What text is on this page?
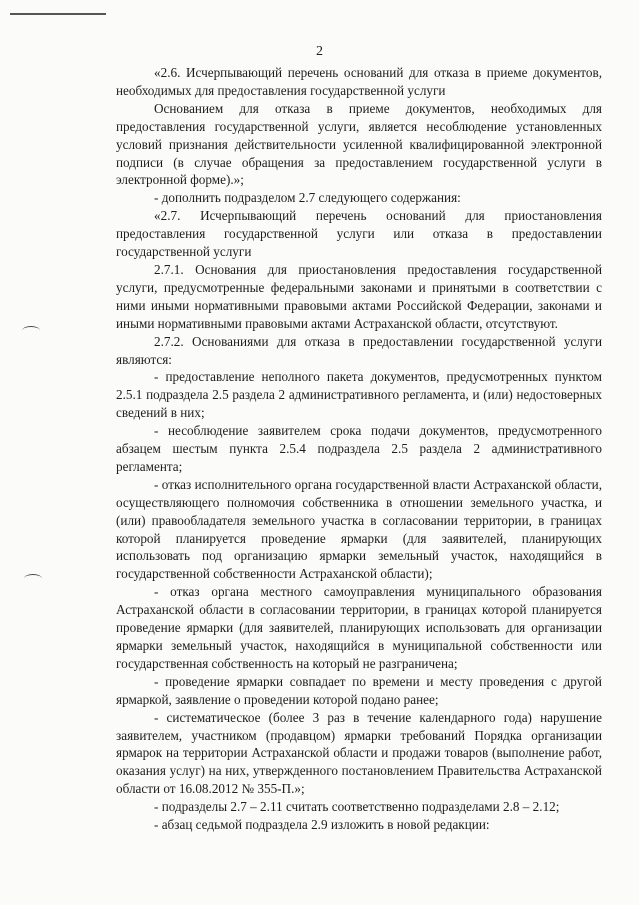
2

«2.6. Исчерпывающий перечень оснований для отказа в приеме документов, необходимых для предоставления государственной услуги

Основанием для отказа в приеме документов, необходимых для предоставления государственной услуги, является несоблюдение установленных условий признания действительности усиленной квалифицированной электронной подписи (в случае обращения за предоставлением государственной услуги в электронной форме).»;

- дополнить подразделом 2.7 следующего содержания:

«2.7. Исчерпывающий перечень оснований для приостановления предоставления государственной услуги или отказа в предоставлении государственной услуги

2.7.1. Основания для приостановления предоставления государственной услуги, предусмотренные федеральными законами и принятыми в соответствии с ними иными нормативными правовыми актами Российской Федерации, законами и иными нормативными правовыми актами Астраханской области, отсутствуют.

2.7.2. Основаниями для отказа в предоставлении государственной услуги являются:

- предоставление неполного пакета документов, предусмотренных пунктом 2.5.1 подраздела 2.5 раздела 2 административного регламента, и (или) недостоверных сведений в них;

- несоблюдение заявителем срока подачи документов, предусмотренного абзацем шестым пункта 2.5.4 подраздела 2.5 раздела 2 административного регламента;

- отказ исполнительного органа государственной власти Астраханской области, осуществляющего полномочия собственника в отношении земельного участка, и (или) правообладателя земельного участка в согласовании территории, в границах которой планируется проведение ярмарки (для заявителей, планирующих использовать под организацию ярмарки земельный участок, находящийся в государственной собственности Астраханской области);

- отказ органа местного самоуправления муниципального образования Астраханской области в согласовании территории, в границах которой планируется проведение ярмарки (для заявителей, планирующих использовать для организации ярмарки земельный участок, находящийся в муниципальной собственности или государственная собственность на который не разграничена;

- проведение ярмарки совпадает по времени и месту проведения с другой ярмаркой, заявление о проведении которой подано ранее;

- систематическое (более 3 раз в течение календарного года) нарушение заявителем, участником (продавцом) ярмарки требований Порядка организации ярмарок на территории Астраханской области и продажи товаров (выполнение работ, оказания услуг) на них, утвержденного постановлением Правительства Астраханской области от 16.08.2012 № 355-П.»;

- подразделы 2.7 – 2.11 считать соответственно подразделами 2.8 – 2.12;

- абзац седьмой подраздела 2.9 изложить в новой редакции:
